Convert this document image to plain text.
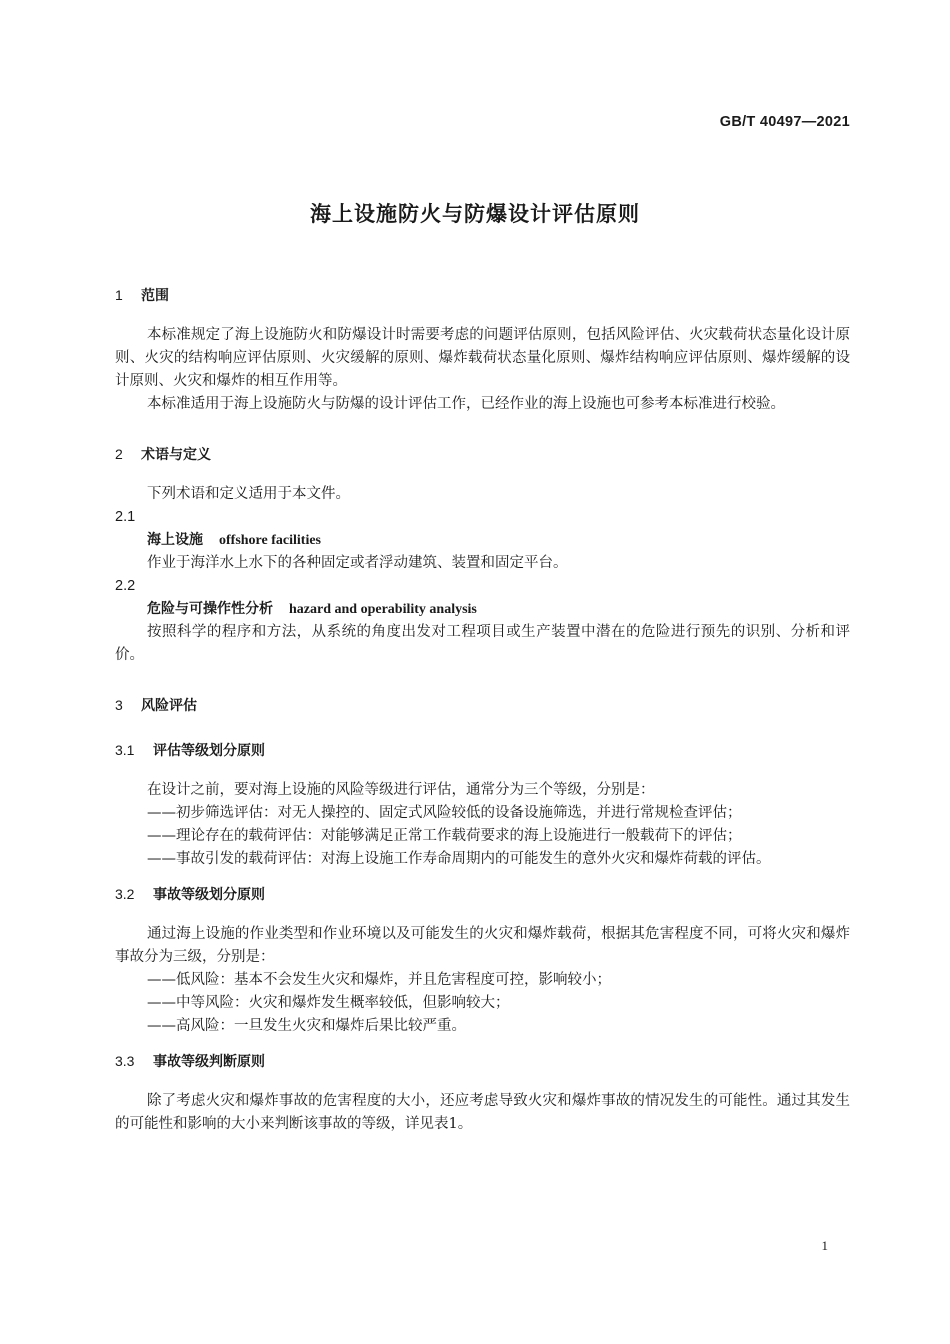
GB/T 40497—2021
海上设施防火与防爆设计评估原则
1 范围

本标准规定了海上设施防火和防爆设计时需要考虑的问题评估原则，包括风险评估、火灾载荷状态量化设计原则、火灾的结构响应评估原则、火灾缓解的原则、爆炸载荷状态量化原则、爆炸结构响应评估原则、爆炸缓解的设计原则、火灾和爆炸的相互作用等。

本标准适用于海上设施防火与防爆的设计评估工作，已经作业的海上设施也可参考本标准进行校验。

2 术语与定义

下列术语和定义适用于本文件。

2.1

海上设施 offshore facilities

作业于海洋水上水下的各种固定或者浮动建筑、装置和固定平台。

2.2

危险与可操作性分析 hazard and operability analysis

按照科学的程序和方法，从系统的角度出发对工程项目或生产装置中潜在的危险进行预先的识别、分析和评价。

3 风险评估
3.1 评估等级划分原则

在设计之前，要对海上设施的风险等级进行评估，通常分为三个等级，分别是：

——初步筛选评估：对无人操控的、固定式风险较低的设备设施筛选，并进行常规检查评估；

——理论存在的载荷评估：对能够满足正常工作载荷要求的海上设施进行一般载荷下的评估；

——事故引发的载荷评估：对海上设施工作寿命周期内的可能发生的意外火灾和爆炸荷载的评估。

3.2 事故等级划分原则

通过海上设施的作业类型和作业环境以及可能发生的火灾和爆炸载荷，根据其危害程度不同，可将火灾和爆炸事故分为三级，分别是：

——低风险：基本不会发生火灾和爆炸，并且危害程度可控，影响较小；

——中等风险：火灾和爆炸发生概率较低，但影响较大；

——高风险：一旦发生火灾和爆炸后果比较严重。

3.3 事故等级判断原则

除了考虑火灾和爆炸事故的危害程度的大小，还应考虑导致火灾和爆炸事故的情况发生的可能性。通过其发生的可能性和影响的大小来判断该事故的等级，详见表1。

1
